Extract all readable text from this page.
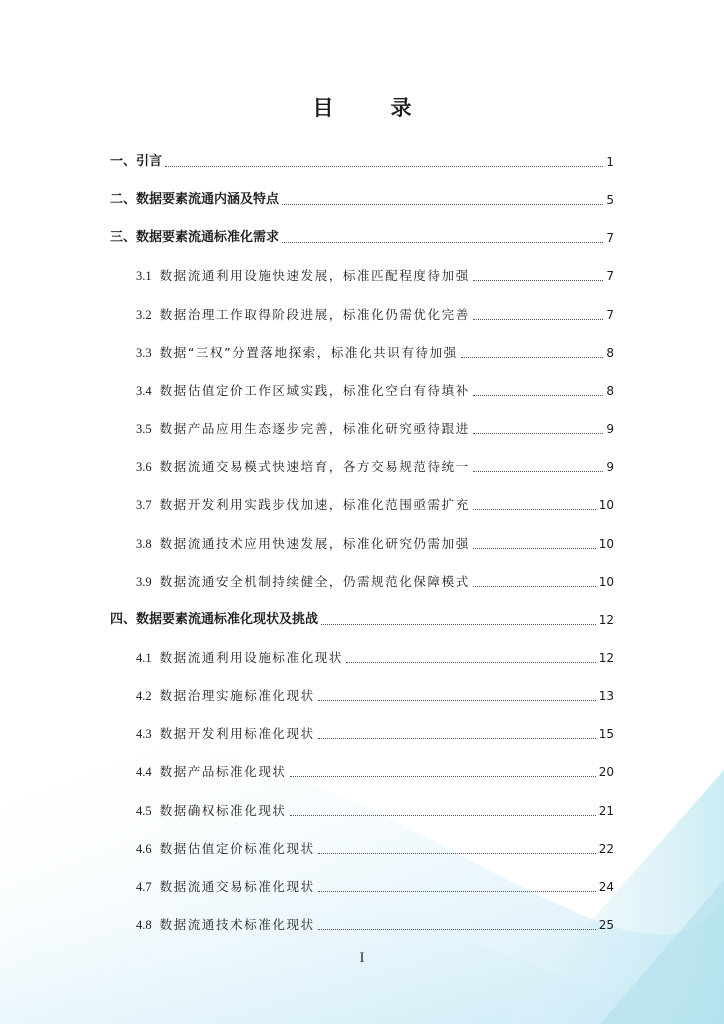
目　录
一、引言	1
二、数据要素流通内涵及特点	5
三、数据要素流通标准化需求	7
3.1 数据流通利用设施快速发展，标准匹配程度待加强	7
3.2 数据治理工作取得阶段进展，标准化仍需优化完善	7
3.3 数据“三权”分置落地探索，标准化共识有待加强	8
3.4 数据估值定价工作区域实践，标准化空白有待填补	8
3.5 数据产品应用生态逐步完善，标准化研究亟待跟进	9
3.6 数据流通交易模式快速培育，各方交易规范待统一	9
3.7 数据开发利用实践步伐加速，标准化范围亟需扩充	10
3.8 数据流通技术应用快速发展，标准化研究仍需加强	10
3.9 数据流通安全机制持续健全，仍需规范化保障模式	10
四、数据要素流通标准化现状及挑战	12
4.1 数据流通利用设施标准化现状	12
4.2 数据治理实施标准化现状	13
4.3 数据开发利用标准化现状	15
4.4 数据产品标准化现状	20
4.5 数据确权标准化现状	21
4.6 数据估值定价标准化现状	22
4.7 数据流通交易标准化现状	24
4.8 数据流通技术标准化现状	25
I
